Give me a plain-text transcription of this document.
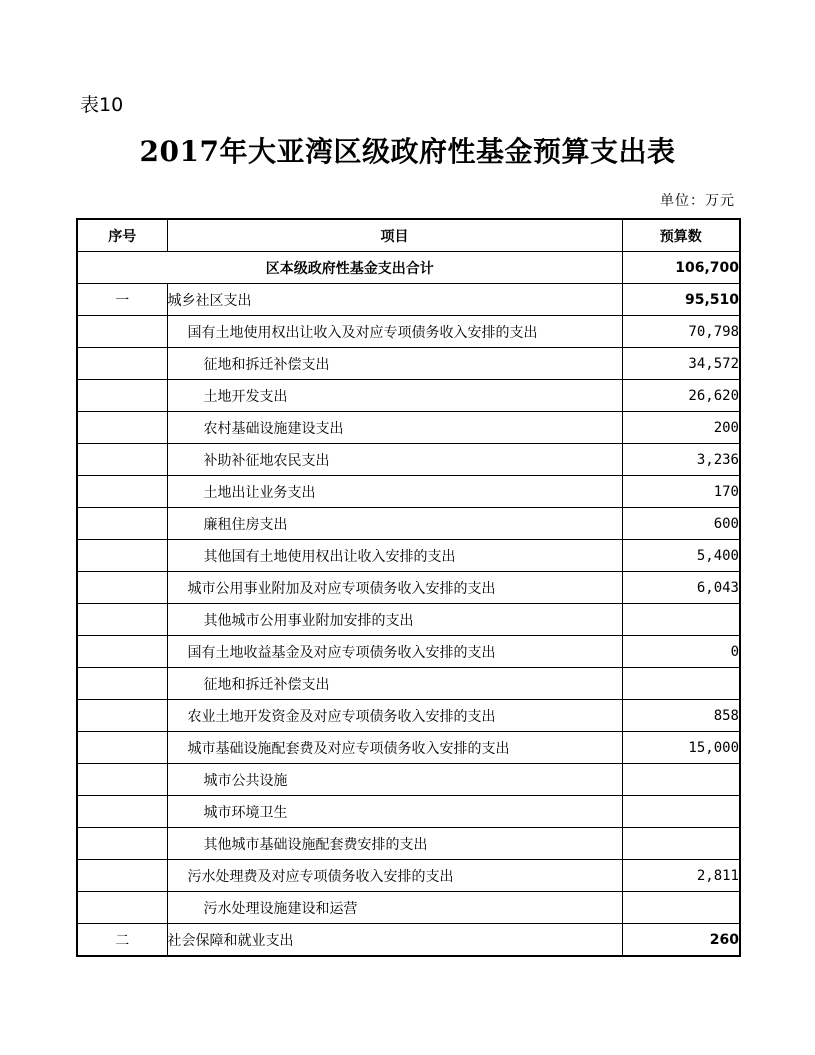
表10
2017年大亚湾区级政府性基金预算支出表
单位：万元
序号	项目	预算数
区本级政府性基金支出合计		106,700
一	城乡社区支出	95,510
	国有土地使用权出让收入及对应专项债务收入安排的支出	70,798
	征地和拆迁补偿支出	34,572
	土地开发支出	26,620
	农村基础设施建设支出	200
	补助补征地农民支出	3,236
	土地出让业务支出	170
	廉租住房支出	600
	其他国有土地使用权出让收入安排的支出	5,400
	城市公用事业附加及对应专项债务收入安排的支出	6,043
	其他城市公用事业附加安排的支出	
	国有土地收益基金及对应专项债务收入安排的支出	0
	征地和拆迁补偿支出	
	农业土地开发资金及对应专项债务收入安排的支出	858
	城市基础设施配套费及对应专项债务收入安排的支出	15,000
	城市公共设施	
	城市环境卫生	
	其他城市基础设施配套费安排的支出	
	污水处理费及对应专项债务收入安排的支出	2,811
	污水处理设施建设和运营	
二	社会保障和就业支出	260
